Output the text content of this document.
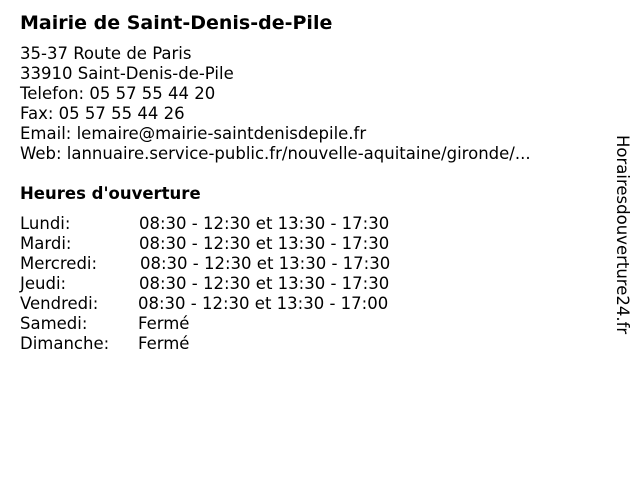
Mairie de Saint-Denis-de-Pile
35-37 Route de Paris
33910 Saint-Denis-de-Pile
Telefon: 05 57 55 44 20
Fax: 05 57 55 44 26
Email: lemaire@mairie-saintdenisdepile.fr
Web: lannuaire.service-public.fr/nouvelle-aquitaine/gironde/...
Heures d'ouverture
Lundi:	08:30 - 12:30 et 13:30 - 17:30
Mardi:	08:30 - 12:30 et 13:30 - 17:30
Mercredi:	08:30 - 12:30 et 13:30 - 17:30
Jeudi:	08:30 - 12:30 et 13:30 - 17:30
Vendredi: 08:30 - 12:30 et 13:30 - 17:00
Samedi:	Fermé
Dimanche: Fermé
Horairesdouverture24.fr
